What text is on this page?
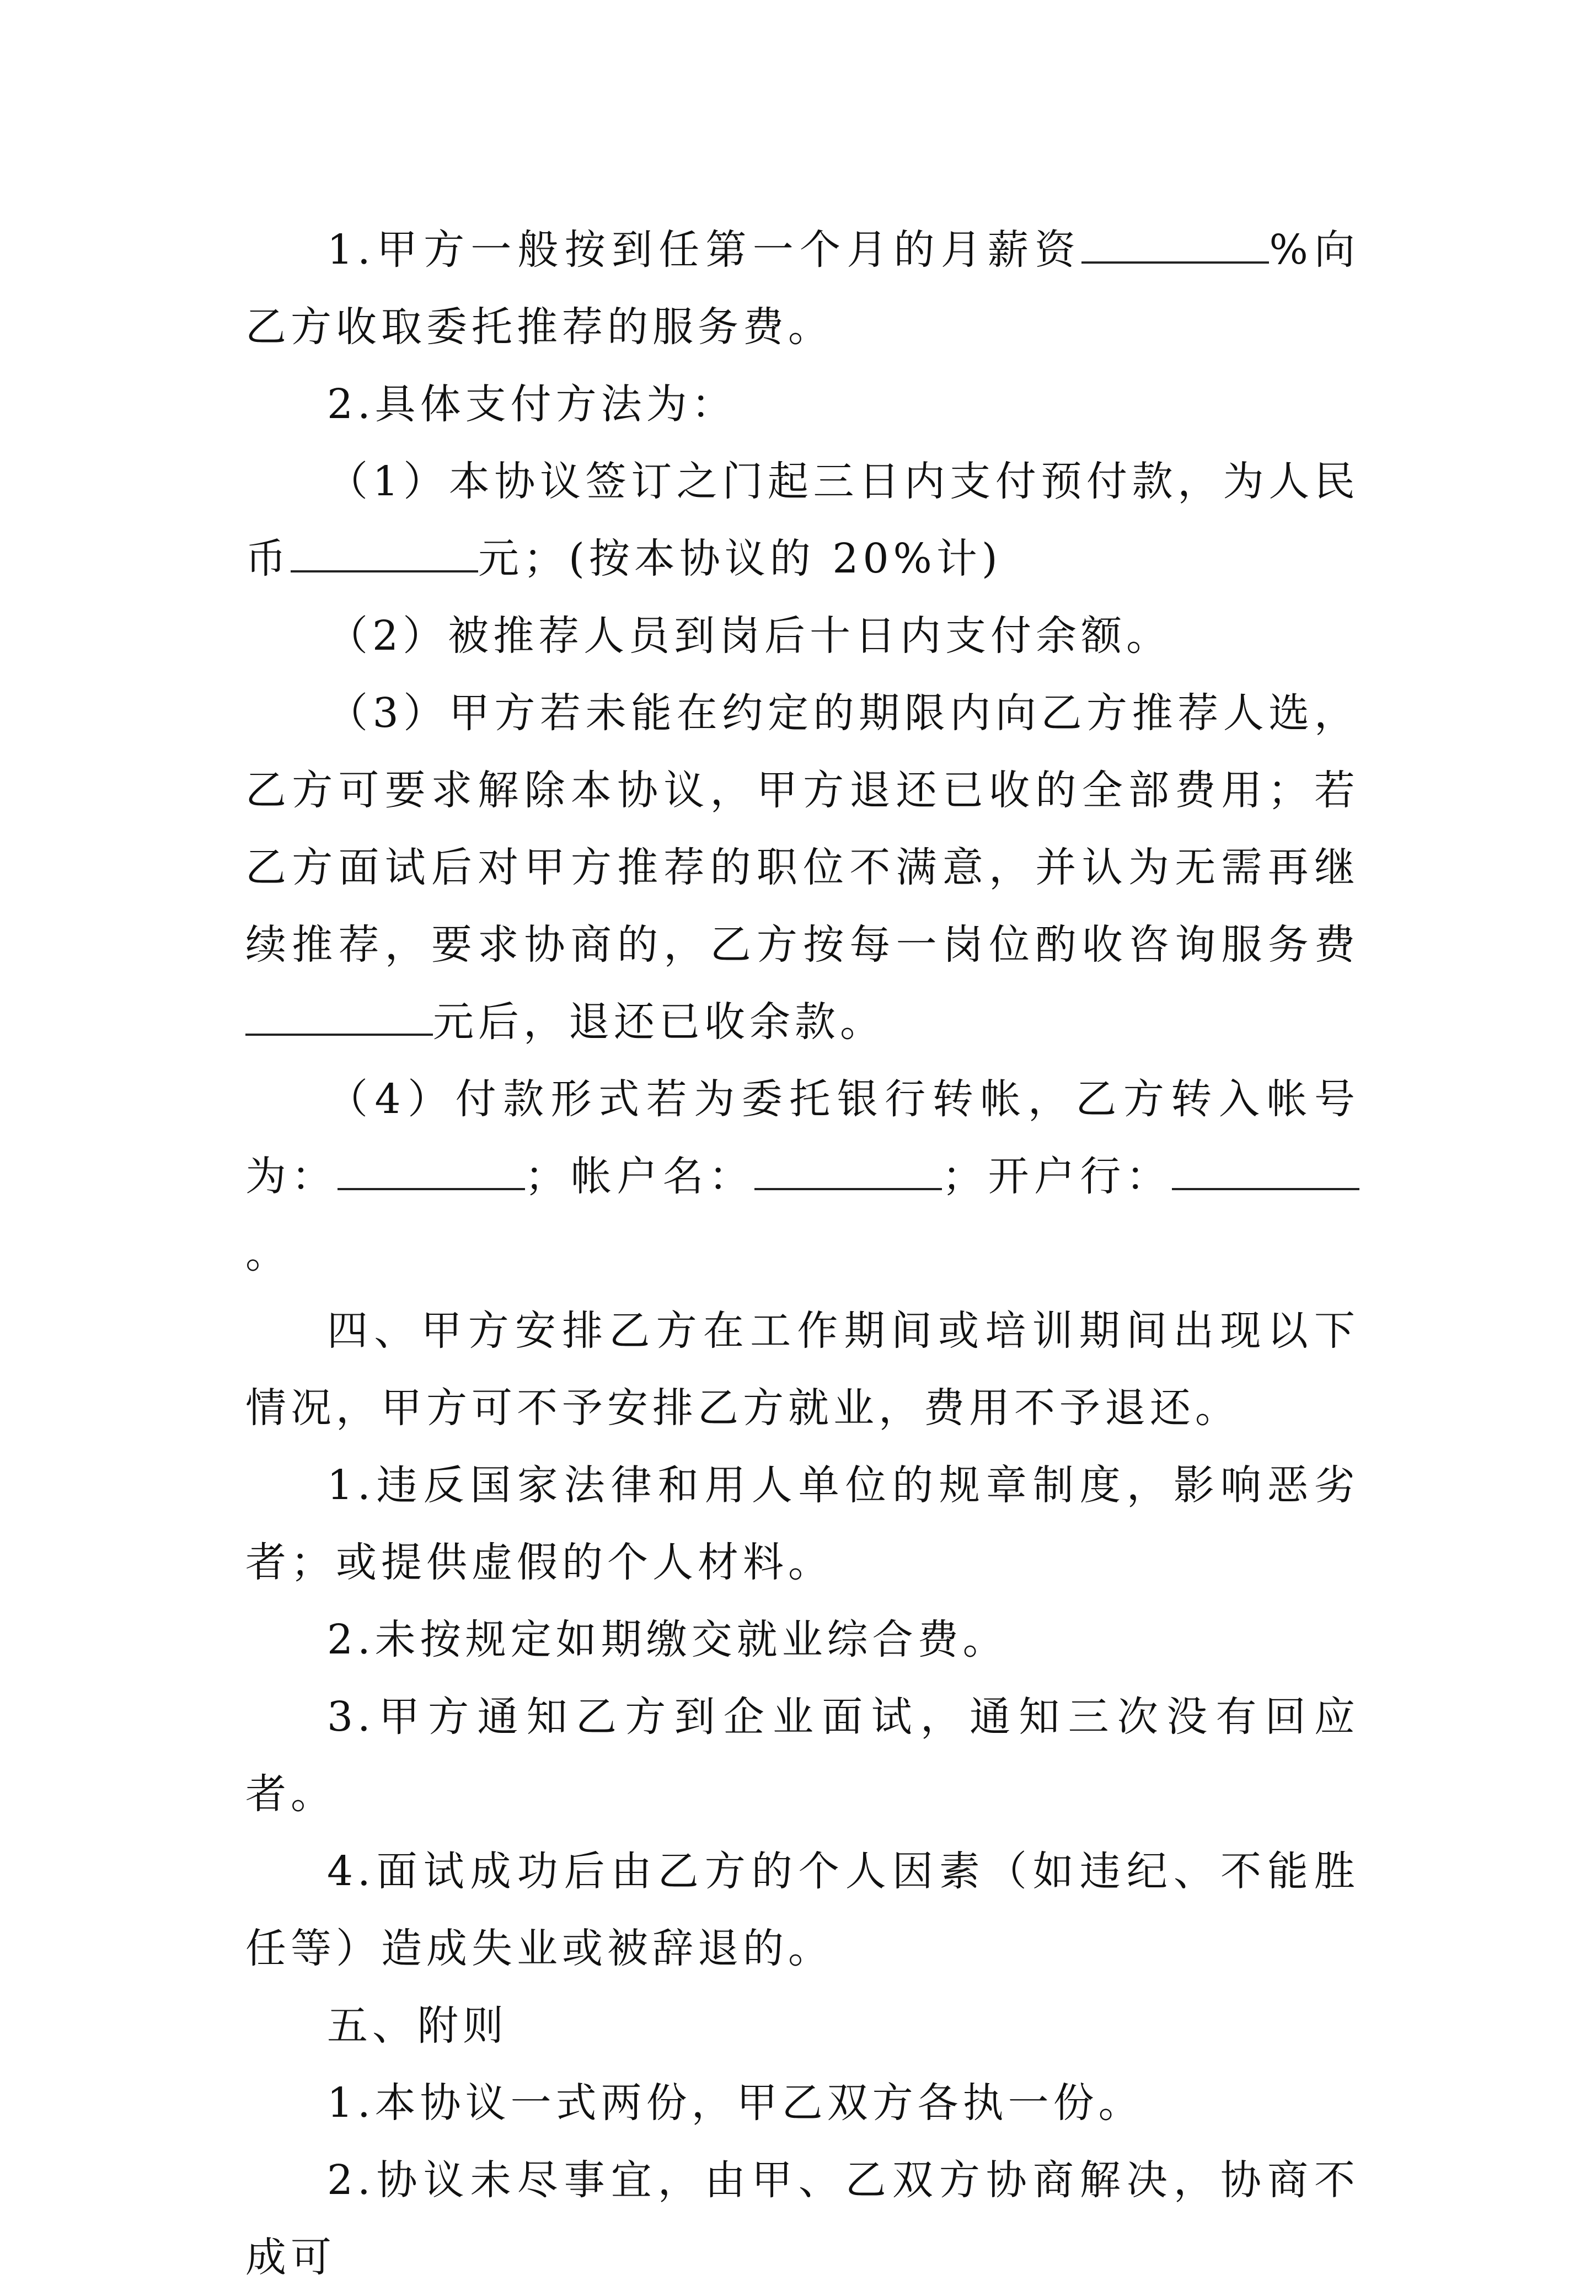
1.甲方一般按到任第一个月的月薪资	%向乙方收取委托推荐的服务费。

2.具体支付方法为：

（1）本协议签订之门起三日内支付预付款，为人民币	元；(按本协议的 20%计)

（2）被推荐人员到岗后十日内支付余额。

（3）甲方若未能在约定的期限内向乙方推荐人选，乙方可要求解除本协议，甲方退还已收的全部费用；若乙方面试后对甲方推荐的职位不满意，并认为无需再继续推荐，要求协商的，乙方按每一岗位酌收咨询服务费元后，退还已收余款。

（4）付款形式若为委托银行转帐，乙方转入帐号为：	；帐户名：	；开户行：。

四、甲方安排乙方在工作期间或培训期间出现以下情况，甲方可不予安排乙方就业，费用不予退还。

1.违反国家法律和用人单位的规章制度，影响恶劣者；或提供虚假的个人材料。

2.未按规定如期缴交就业综合费。

3.甲方通知乙方到企业面试，通知三次没有回应者。

4.面试成功后由乙方的个人因素（如违纪、不能胜任等）造成失业或被辞退的。

五、附则

1.本协议一式两份，甲乙双方各执一份。

2.协议未尽事宜，由甲、乙双方协商解决，协商不成可
